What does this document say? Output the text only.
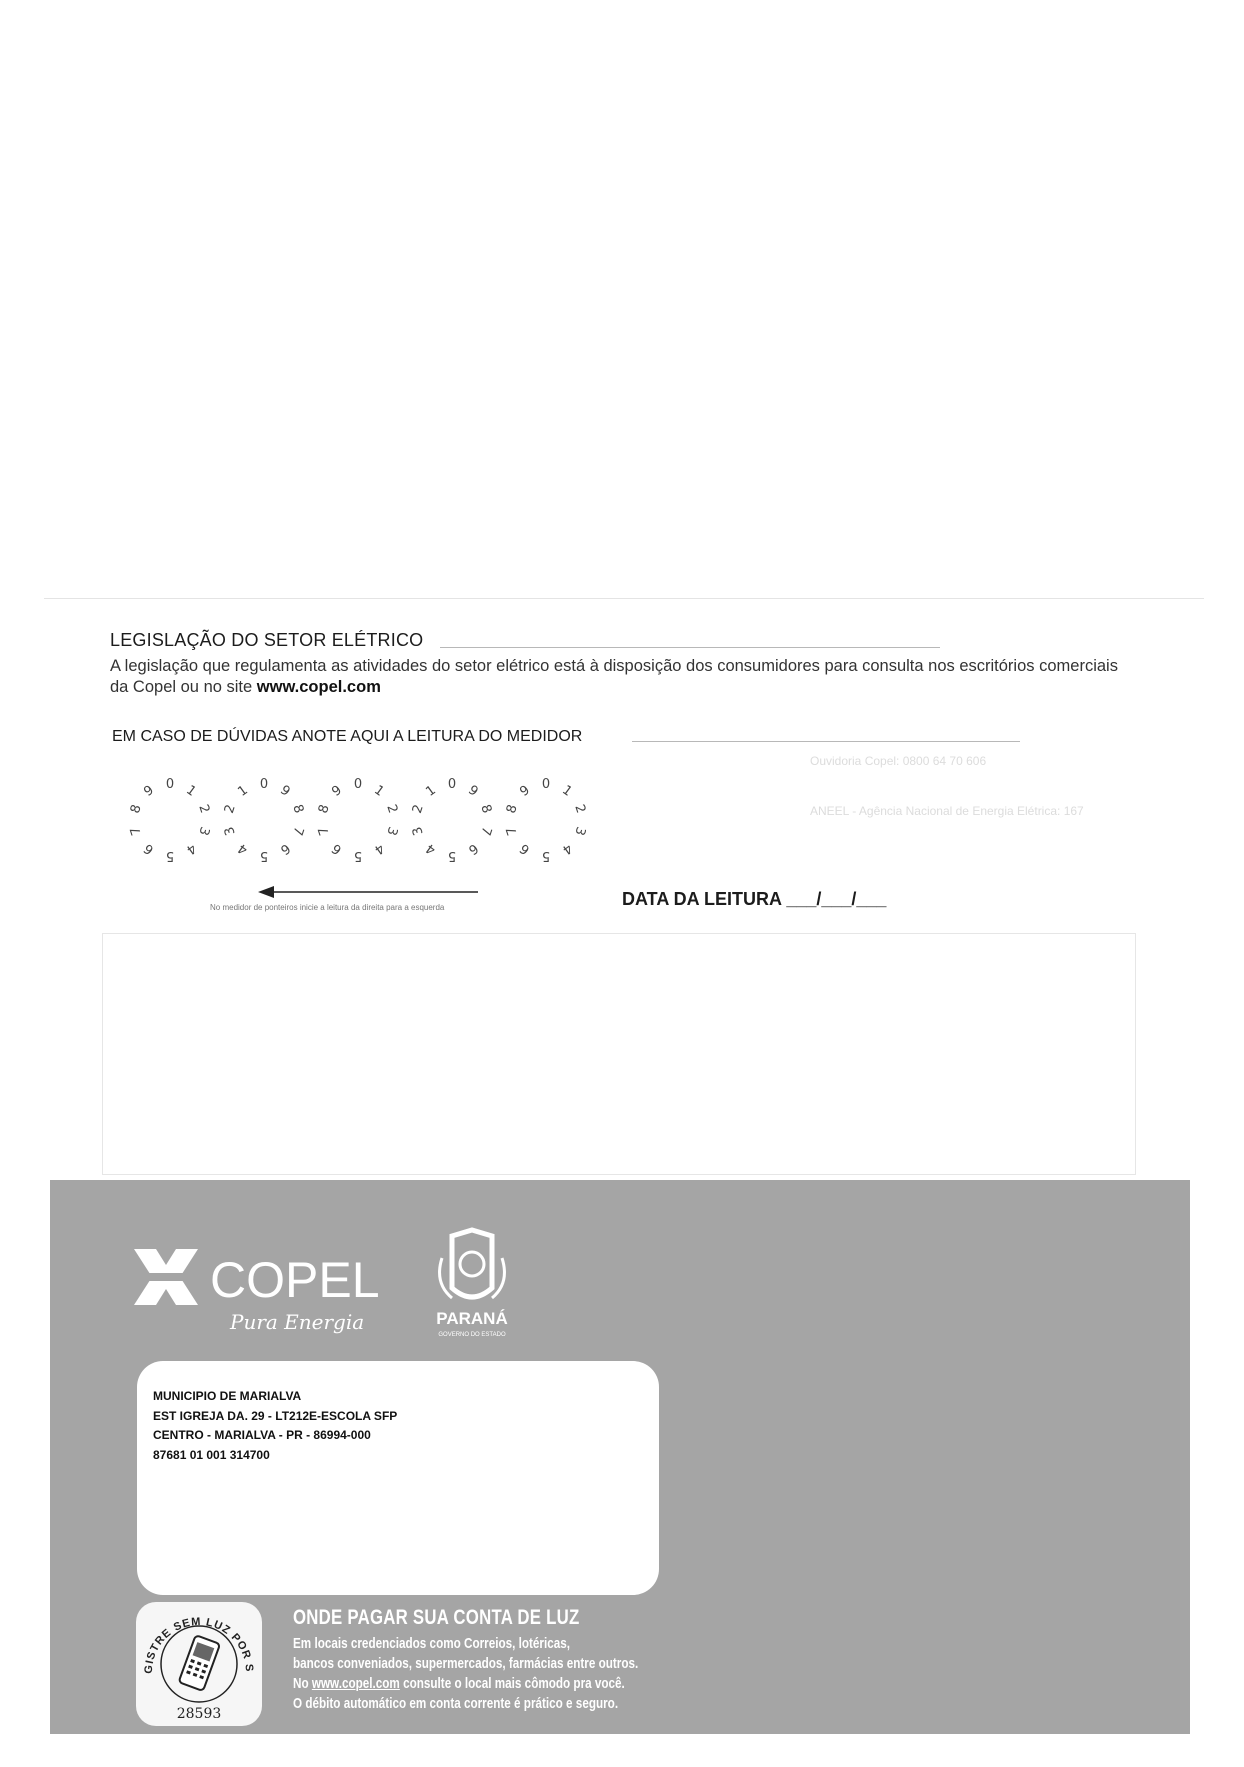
LEGISLAÇÃO DO SETOR ELÉTRICO
A legislação que regulamenta as atividades do setor elétrico está à disposição dos consumidores para consulta nos escritórios comerciais da Copel ou no site www.copel.com
EM CASO DE DÚVIDAS ANOTE AQUI A LEITURA DO MEDIDOR
Ouvidoria Copel: 0800 64 70 606
ANEEL - Agência Nacional de Energia Elétrica: 167
0 1
2
3
4
5
6
7
8
9	0
1
2
3
4 5 6
7
8
9	0 1
2
3
4
5
6
7
8
9	0
1
2
3
4 5 6
7
8
9	0 1
2
3
4
5
6
7
8
9
No medidor de ponteiros inicie a leitura da direita para a esquerda	DATA DA LEITURA ___/___/___
COPEL
Pura Energia	PARANÁ
GOVERNO DO ESTADO
MUNICIPIO DE MARIALVA
EST IGREJA DA. 29 - LT212E-ESCOLA SFP
CENTRO - MARIALVA - PR - 86994-000
87681 01 001 314700
GISTRE SEM LUZ POR S
28593
ONDE PAGAR SUA CONTA DE LUZ
Em locais credenciados como Correios, lotéricas,
bancos conveniados, supermercados, farmácias entre outros.
No www.copel.com consulte o local mais cômodo pra você.
O débito automático em conta corrente é prático e seguro.
